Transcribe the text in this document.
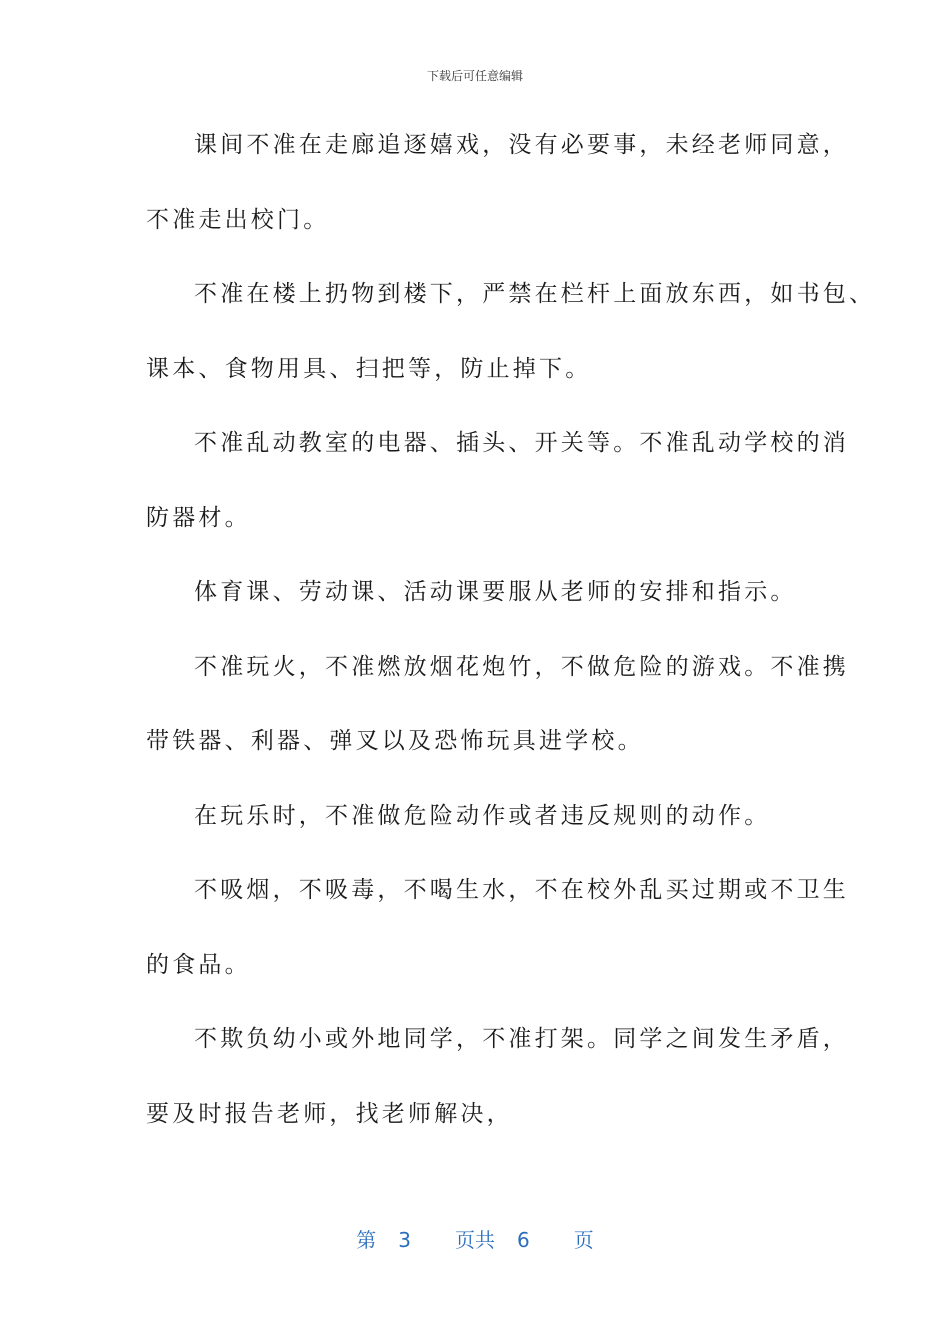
下载后可任意编辑
课间不准在走廊追逐嬉戏，没有必要事，未经老师同意，
不准走出校门。
不准在楼上扔物到楼下，严禁在栏杆上面放东西，如书包、
课本、食物用具、扫把等，防止掉下。
不准乱动教室的电器、插头、开关等。不准乱动学校的消
防器材。
体育课、劳动课、活动课要服从老师的安排和指示。
不准玩火，不准燃放烟花炮竹，不做危险的游戏。不准携
带铁器、利器、弹叉以及恐怖玩具进学校。
在玩乐时，不准做危险动作或者违反规则的动作。
不吸烟，不吸毒，不喝生水，不在校外乱买过期或不卫生
的食品。
不欺负幼小或外地同学，不准打架。同学之间发生矛盾，
要及时报告老师，找老师解决，
第 3 页共 6 页
